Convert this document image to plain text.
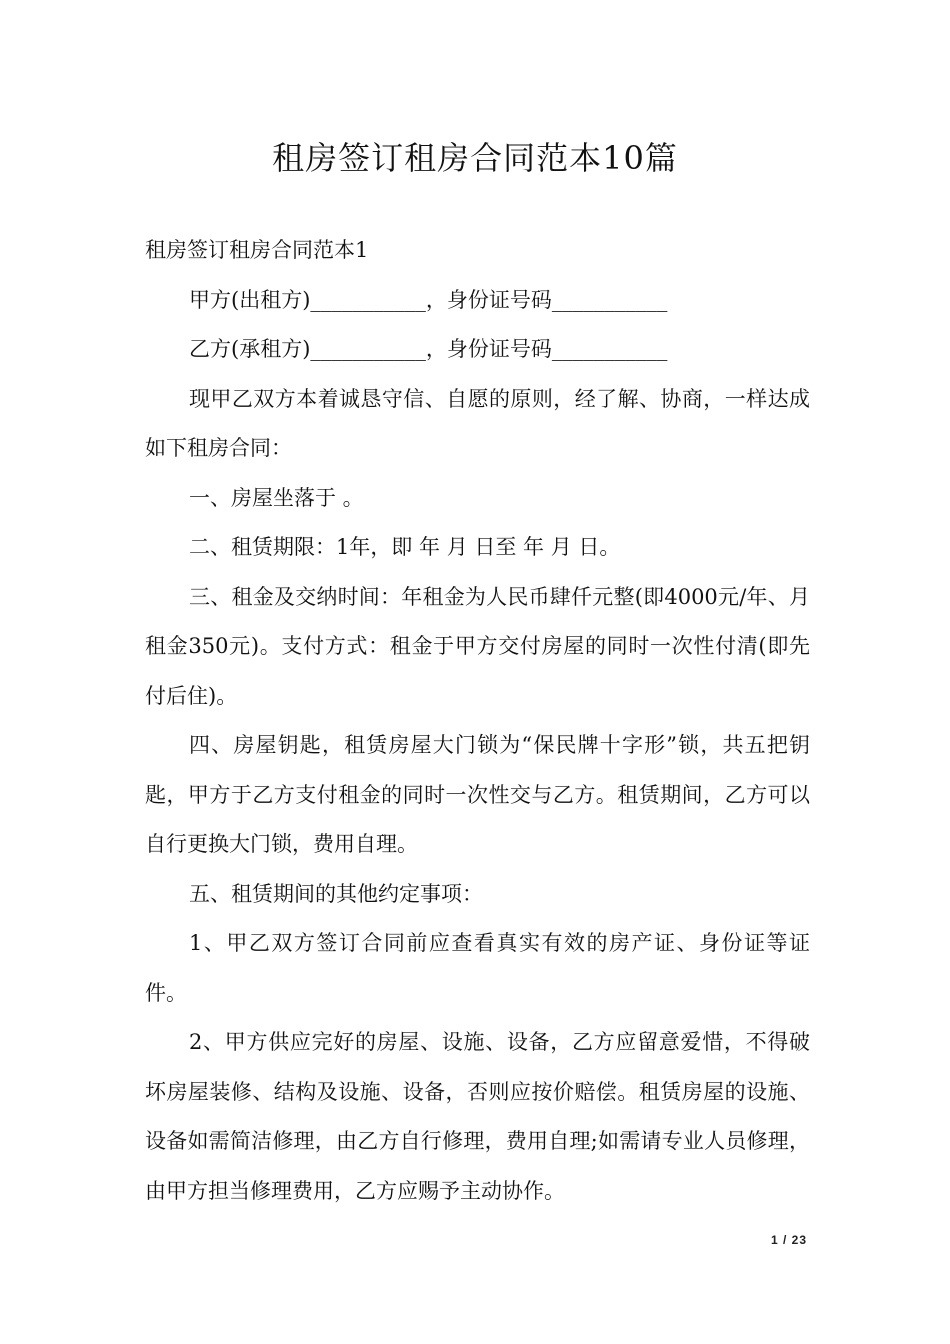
租房签订租房合同范本10篇

租房签订租房合同范本1

甲方(出租方)___________，身份证号码___________

乙方(承租方)___________，身份证号码___________

现甲乙双方本着诚恳守信、自愿的原则，经了解、协商，一样达成如下租房合同：

一、房屋坐落于 。

二、租赁期限：1年，即 年 月 日至 年 月 日。

三、租金及交纳时间：年租金为人民币肆仟元整(即4000元/年、月租金350元)。支付方式：租金于甲方交付房屋的同时一次性付清(即先付后住)。

四、房屋钥匙，租赁房屋大门锁为“保民牌十字形”锁，共五把钥匙，甲方于乙方支付租金的同时一次性交与乙方。租赁期间，乙方可以自行更换大门锁，费用自理。

五、租赁期间的其他约定事项：

1、甲乙双方签订合同前应查看真实有效的房产证、身份证等证件。

2、甲方供应完好的房屋、设施、设备，乙方应留意爱惜，不得破坏房屋装修、结构及设施、设备，否则应按价赔偿。租赁房屋的设施、设备如需简洁修理，由乙方自行修理，费用自理;如需请专业人员修理，由甲方担当修理费用，乙方应赐予主动协作。

1 / 23
